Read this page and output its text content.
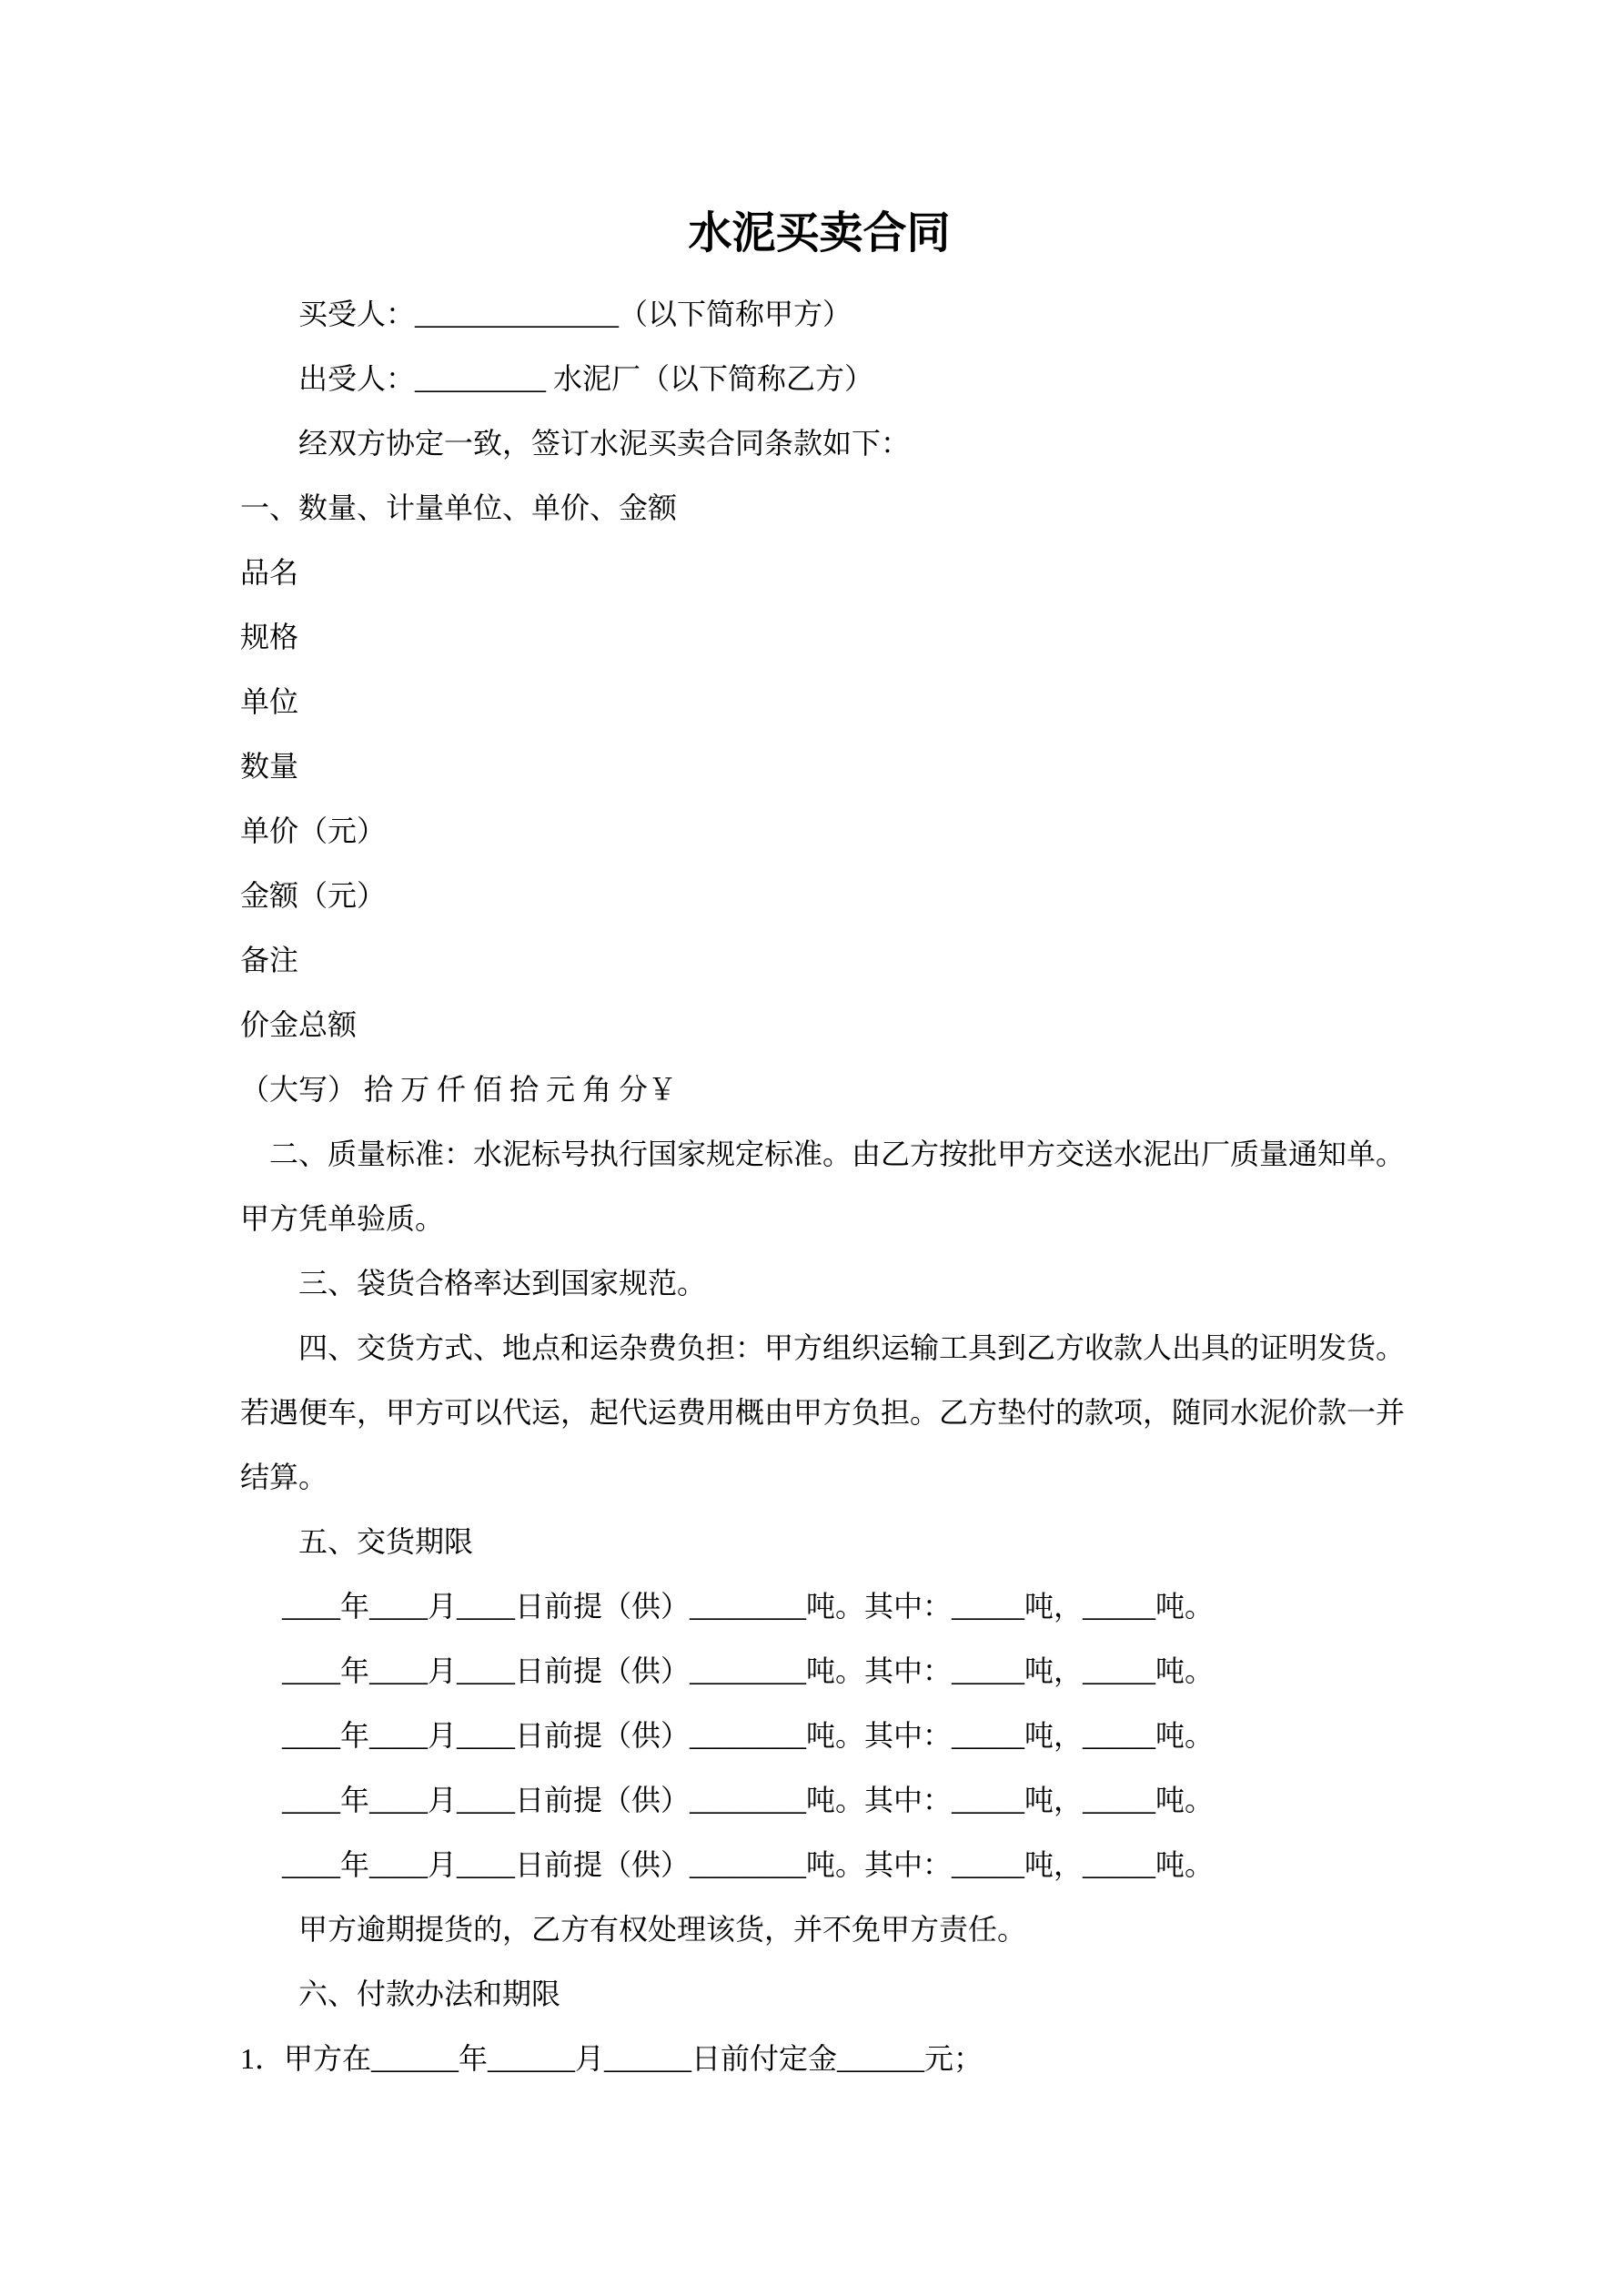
水泥买卖合同
买受人：______________（以下简称甲方）
出受人：_________ 水泥厂（以下简称乙方）
经双方协定一致，签订水泥买卖合同条款如下：
一、数量、计量单位、单价、金额
品名
规格
单位
数量
单价（元）
金额（元）
备注
价金总额
（大写） 拾 万 仟 佰 拾 元 角 分￥
二、质量标准：水泥标号执行国家规定标准。由乙方按批甲方交送水泥出厂质量通知单。
甲方凭单验质。
三、袋货合格率达到国家规范。
四、交货方式、地点和运杂费负担：甲方组织运输工具到乙方收款人出具的证明发货。
若遇便车，甲方可以代运，起代运费用概由甲方负担。乙方垫付的款项，随同水泥价款一并
结算。
五、交货期限
____年____月____日前提（供）________吨。其中：_____吨，_____吨。
____年____月____日前提（供）________吨。其中：_____吨，_____吨。
____年____月____日前提（供）________吨。其中：_____吨，_____吨。
____年____月____日前提（供）________吨。其中：_____吨，_____吨。
____年____月____日前提（供）________吨。其中：_____吨，_____吨。
甲方逾期提货的，乙方有权处理该货，并不免甲方责任。
六、付款办法和期限
1．甲方在______年______月______日前付定金______元；
